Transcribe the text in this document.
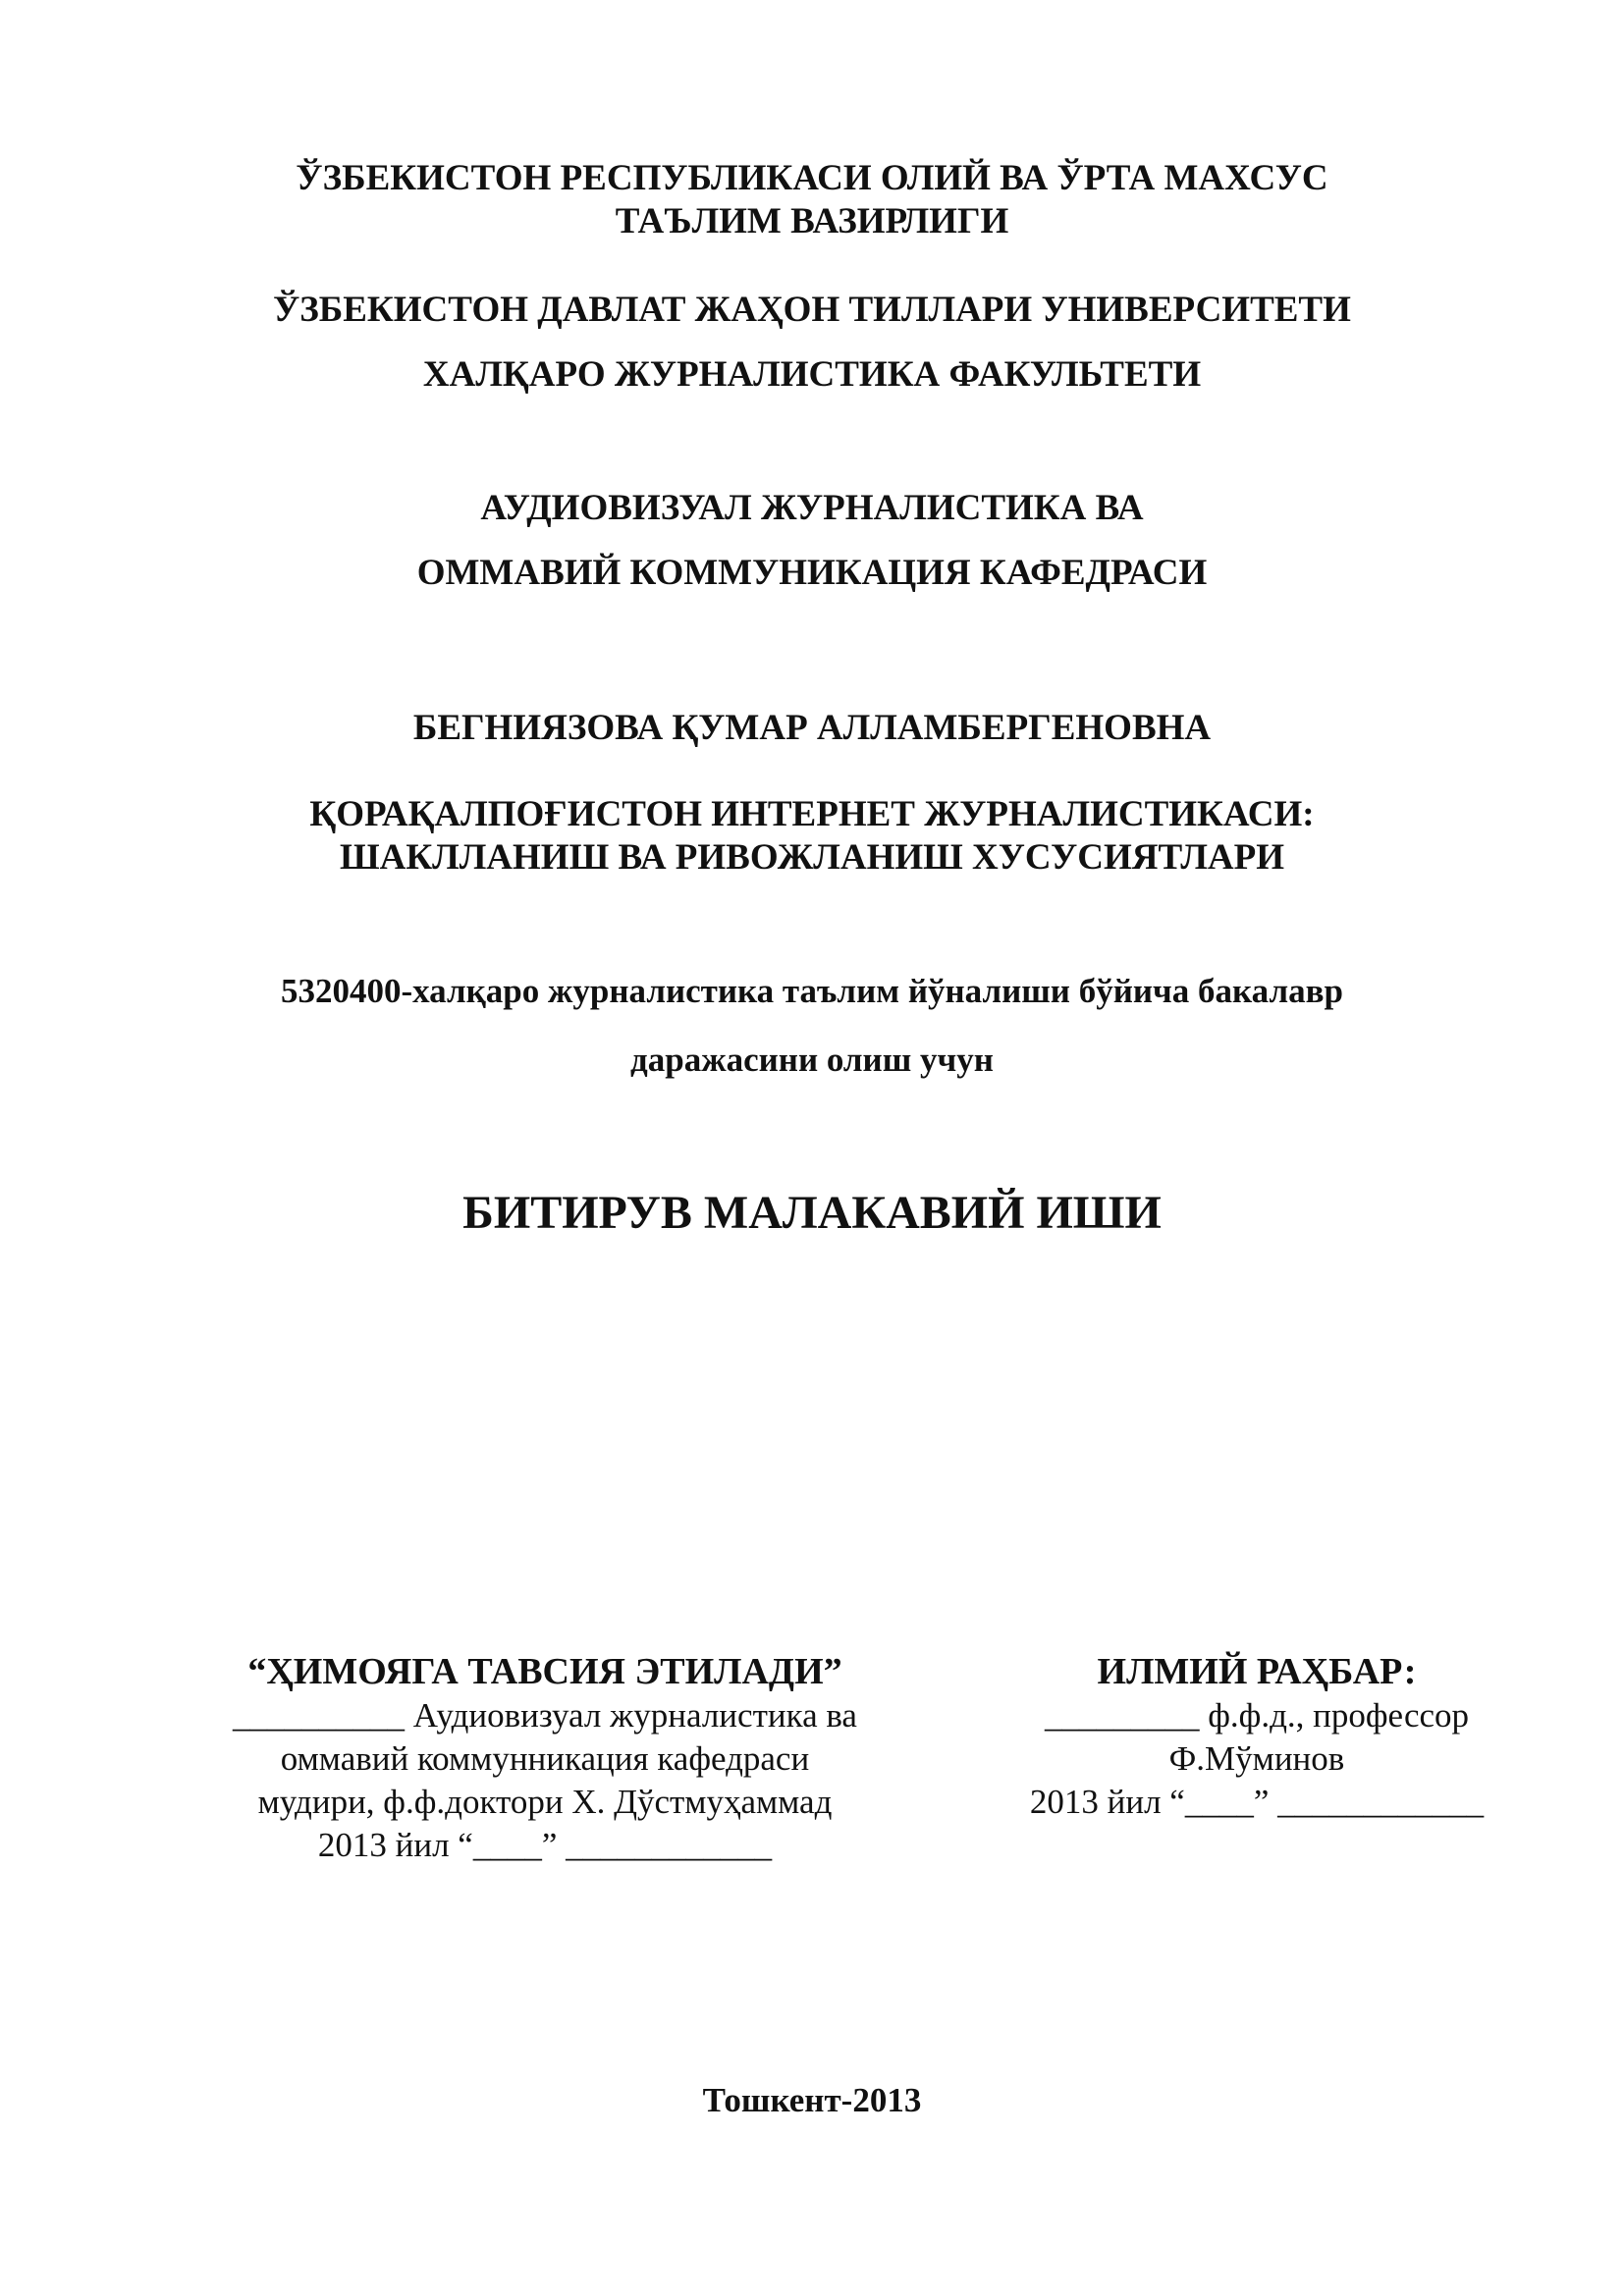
ЎЗБЕКИСТОН РЕСПУБЛИКАСИ ОЛИЙ ВА ЎРТА МАХСУС
ТАЪЛИМ ВАЗИРЛИГИ
ЎЗБЕКИСТОН ДАВЛАТ ЖАҲОН ТИЛЛАРИ УНИВЕРСИТЕТИ
ХАЛҚАРО ЖУРНАЛИСТИКА ФАКУЛЬТЕТИ
АУДИОВИЗУАЛ ЖУРНАЛИСТИКА ВА
ОММАВИЙ КОММУНИКАЦИЯ КАФЕДРАСИ
БЕГНИЯЗОВА ҚУМАР АЛЛАМБЕРГЕНОВНА
ҚОРАҚАЛПОҒИСТОН ИНТЕРНЕТ ЖУРНАЛИСТИКАСИ:
ШАКЛЛАНИШ ВА РИВОЖЛАНИШ ХУСУСИЯТЛАРИ
5320400-халқаро журналистика таълим йўналиши бўйича бакалавр
даражасини олиш учун
БИТИРУВ МАЛАКАВИЙ ИШИ
“ҲИМОЯГА ТАВСИЯ ЭТИЛАДИ”
__________ Аудиовизуал журналистика ва
оммавий коммунникация кафедраси
мудири, ф.ф.доктори Х. Дўстмуҳаммад
2013 йил “____” ____________
ИЛМИЙ РАҲБАР:
_________ ф.ф.д., профессор
Ф.Мўминов
2013 йил “____” ____________
Тошкент-2013
